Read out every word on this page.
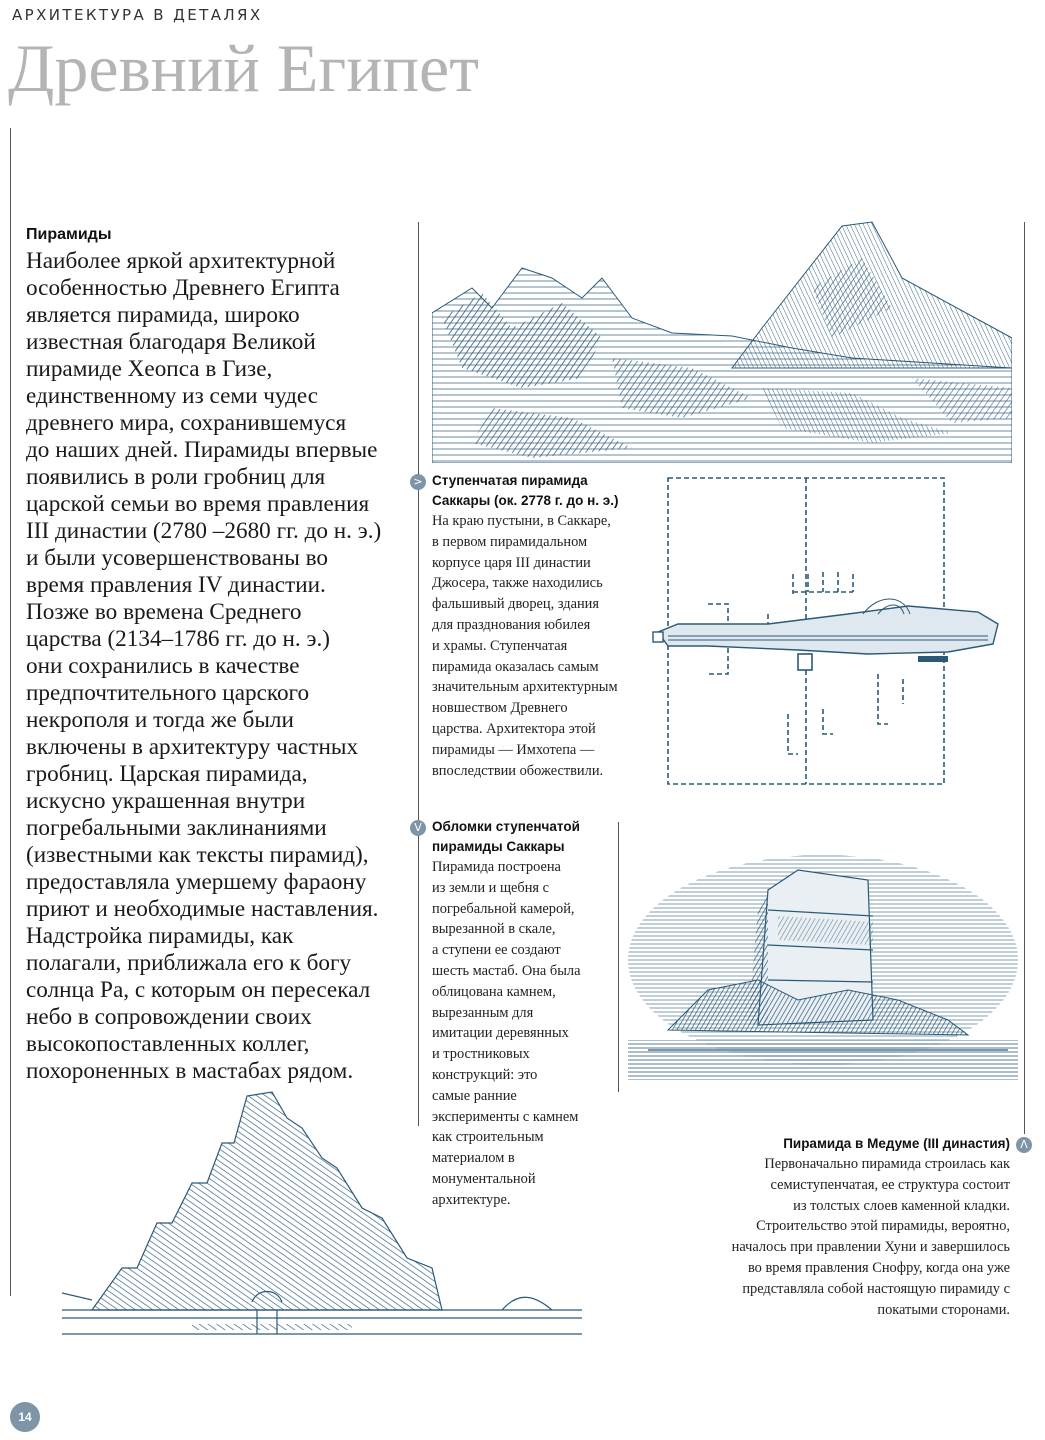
АРХИТЕКТУРА В ДЕТАЛЯХ
Древний Египет
Пирамиды
Наиболее яркой архитектурной
особенностью Древнего Египта
является пирамида, широко
известная благодаря Великой
пирамиде Хеопса в Гизе,
единственному из семи чудес
древнего мира, сохранившемуся
до наших дней. Пирамиды впервые
появились в роли гробниц для
царской семьи во время правления
III династии (2780 –2680 гг. до н. э.)
и были усовершенствованы во
время правления IV династии.
Позже во времена Среднего
царства (2134–1786 гг. до н. э.)
они сохранились в качестве
предпочтительного царского
некрополя и тогда же были
включены в архитектуру частных
гробниц. Царская пирамида,
искусно украшенная внутри
погребальными заклинаниями
(известными как тексты пирамид),
предоставляла умершему фараону
приют и необходимые наставления.
Надстройка пирамиды, как
полагали, приближала его к богу
солнца Ра, с которым он пересекал
небо в сопровождении своих
высокопоставленных коллег,
похороненных в мастабах рядом.
> Ступенчатая пирамида
Саккары (ок. 2778 г. до н. э.)
На краю пустыни, в Саккаре,
в первом пирамидальном
корпусе царя III династии
Джосера, также находились
фальшивый дворец, здания
для празднования юбилея
и храмы. Ступенчатая
пирамида оказалась самым
значительным архитектурным
новшеством Древнего
царства. Архитектора этой
пирамиды — Имхотепа —
впоследствии обожествили.
V Обломки ступенчатой
пирамиды Саккары
Пирамида построена
из земли и щебня с
погребальной камерой,
вырезанной в скале,
а ступени ее создают
шесть мастаб. Она была
облицована камнем,
вырезанным для
имитации деревянных
и тростниковых
конструкций: это
самые ранние
эксперименты с камнем
как строительным
материалом в
монументальной
архитектуре.
Пирамида в Медуме (III династия)
Первоначально пирамида строилась как
семиступенчатая, ее структура состоит
из толстых слоев каменной кладки.
Строительство этой пирамиды, вероятно,
началось при правлении Хуни и завершилось
во время правления Снофру, когда она уже
представляла собой настоящую пирамиду с
покатыми сторонами.
Λ
14
